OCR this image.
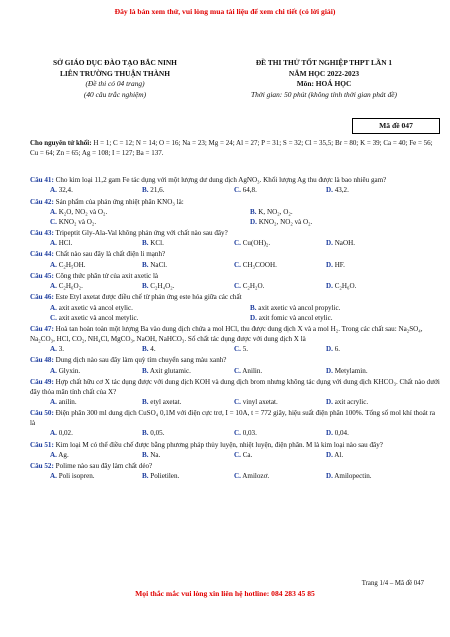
Đây là bản xem thử, vui lòng mua tài liệu để xem chi tiết (có lời giải)
SỞ GIÁO DỤC ĐÀO TẠO BẮC NINH
LIÊN TRƯỜNG THUẬN THÀNH
(Đề thi có 04 trang)
(40 câu trắc nghiệm)
ĐỀ THI THỬ TỐT NGHIỆP THPT LẦN 1
NĂM HỌC 2022-2023
Môn: HOÁ HỌC
Thời gian: 50 phút (không tính thời gian phát đề)
Mã đề 047
Cho nguyên tử khối: H = 1; C = 12; N = 14; O = 16; Na = 23; Mg = 24; Al = 27; P = 31; S = 32; Cl = 35,5; Br = 80; K = 39; Ca = 40; Fe = 56; Cu = 64; Zn = 65; Ag = 108; I = 127; Ba = 137.
Câu 41: Cho kim loại 11,2 gam Fe tác dụng với một lượng dư dung dịch AgNO₃. Khối lượng Ag thu được là bao nhiêu gam?
A. 32,4.	B. 21,6.	C. 64,8.	D. 43,2.
Câu 42: Sản phẩm của phản ứng nhiệt phân KNO₃ là:
A. K₂O, NO₂ và O₂.	B. K, NO₂, O₂.
C. KNO₂ và O₂.	D. KNO₂, NO₂ và O₂.
Câu 43: Tripeptit Gly-Ala-Val không phản ứng với chất nào sau đây?
A. HCl.	B. KCl.	C. Cu(OH)₂.	D. NaOH.
Câu 44: Chất nào sau đây là chất điện li mạnh?
A. C₂H₅OH.	B. NaCl.	C. CH₃COOH.	D. HF.
Câu 45: Công thức phân tử của axit axetic là
A. C₂H₆O₂.	B. C₂H₄O₂.	C. C₂H₂O.	D. C₂H₆O.
Câu 46: Este Etyl axetat được điều chế từ phản ứng este hóa giữa các chất
A. axit axetic và ancol etylic.	B. axit axetic và ancol propylic.
C. axit axetic và ancol metylic.	D. axit fomic và ancol etylic.
Câu 47: Hoà tan hoàn toàn một lượng Ba vào dung dịch chứa a mol HCl, thu được dung dịch X và a mol H₂. Trong các chất sau: Na₂SO₄, Na₂CO₃, HCl, CO₂, NH₄Cl, MgCO₃, NaOH, NaHCO₃. Số chất tác dụng được với dung dịch X là
A. 3.	B. 4.	C. 5.	D. 6.
Câu 48: Dung dịch nào sau đây làm quỳ tím chuyển sang màu xanh?
A. Glyxin.	B. Axit glutamic.	C. Anilin.	D. Metylamin.
Câu 49: Hợp chất hữu cơ X tác dụng được với dung dịch KOH và dung dịch brom nhưng không tác dụng với dung dịch KHCO₃. Chất nào dưới đây thỏa mãn tính chất của X?
A. anilin.	B. etyl axetat.	C. vinyl axetat.	D. axit acrylic.
Câu 50: Điện phân 300 ml dung dịch CuSO₄ 0,1M với điện cực trơ, I = 10A, t = 772 giây, hiệu suất điện phân 100%. Tổng số mol khí thoát ra là
A. 0,02.	B. 0,05.	C. 0,03.	D. 0,04.
Câu 51: Kim loại M có thể điều chế được bằng phương pháp thủy luyện, nhiệt luyện, điện phân. M là kim loại nào sau đây?
A. Ag.	B. Na.	C. Ca.	D. Al.
Câu 52: Polime nào sau đây làm chất dẻo?
A. Poli isopren.	B. Polietilen.	C. Amilozơ.	D. Amilopectin.
Trang 1/4 – Mã đề 047
Mọi thắc mắc vui lòng xin liên hệ hotline: 084 283 45 85
